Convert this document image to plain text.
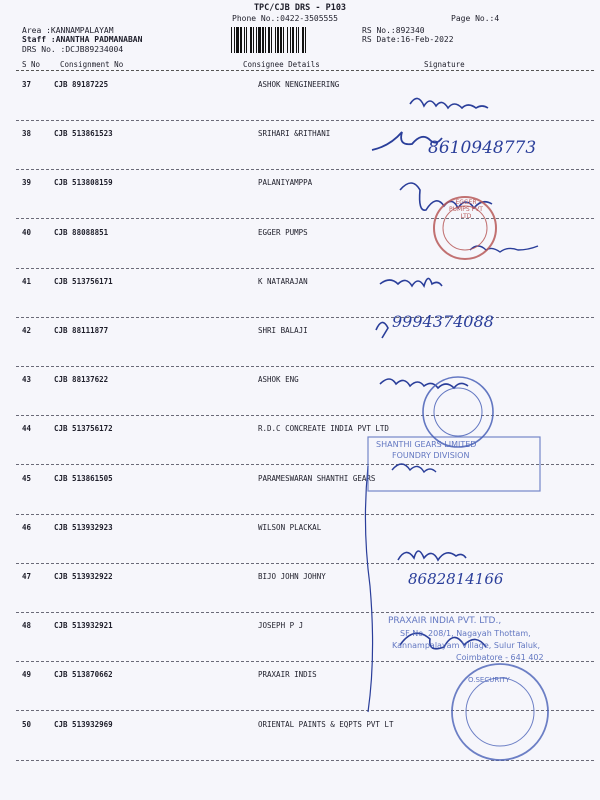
TPC/CJB DRS - P103
Phone No.:0422-3505555	Page No.:4
Area :KANNAMPALAYAM
Staff :ANANTHA PADMANABAN
DRS No. :DCJB89234004
RS No.:892340
RS Date:16-Feb-2022
S No	Consignment No	Consignee Details	Signature
37	CJB 89187225	ASHOK NENGINEERING
38	CJB 513861523	SRIHARI &RITHANI
39	CJB 513808159	PALANIYAMPPA
40	CJB 88088851	EGGER PUMPS
41	CJB 513756171	K NATARAJAN
42	CJB 88111877	SHRI BALAJI
43	CJB 88137622	ASHOK ENG
44	CJB 513756172	R.D.C CONCREATE INDIA PVT LTD
45	CJB 513861505	PARAMESWARAN SHANTHI GEARS
46	CJB 513932923	WILSON PLACKAL
47	CJB 513932922	BIJO JOHN JOHNY
48	CJB 513932921	JOSEPH P J
49	CJB 513870662	PRAXAIR INDIS
50	CJB 513932969	ORIENTAL PAINTS & EQPTS PVT LT
8610948773
9994374088
8682814166
EGGER PUMPS PVT LTD
SHANTHI GEARS LIMITED
FOUNDRY DIVISION
PRAXAIR INDIA PVT. LTD.,
SF No. 208/1, Nagayah Thottam,
Kannampalayam Village, Sulur Taluk,
Coimbatore - 641 402
O.SECURITY
